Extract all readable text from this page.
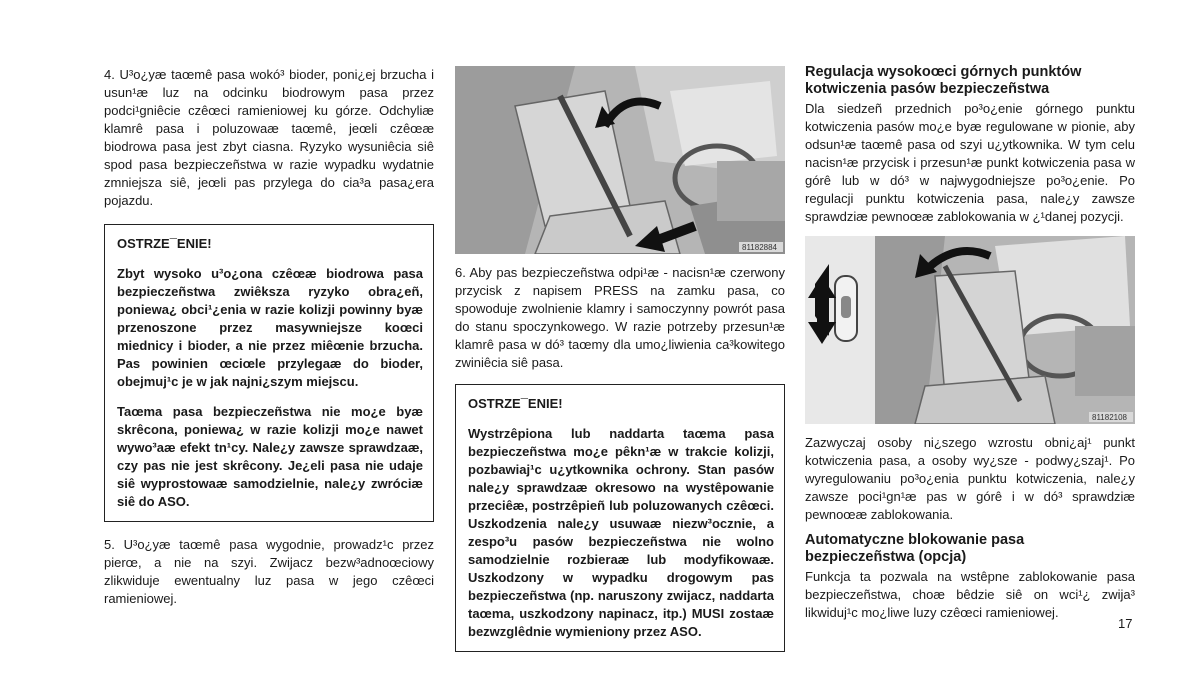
4. U³o¿yæ taœmê pasa wokó³ bioder, poni¿ej brzucha i usun¹æ luz na odcinku biodrowym pasa przez podci¹gniêcie czêœci ramieniowej ku górze. Odchyliæ klamrê pasa i poluzowaæ taœmê, jeœli czêœæ biodrowa pasa jest zbyt ciasna. Ryzyko wysuniêcia siê spod pasa bezpieczeñstwa w razie wypadku wydatnie zmniejsza siê, jeœli pas przylega do cia³a pasa¿era pojazdu.

OSTRZE¯ENIE!

Zbyt wysoko u³o¿ona czêœæ biodrowa pasa bezpieczeñstwa zwiêksza ryzyko obra¿eñ, poniewa¿ obci¹¿enia w razie kolizji powinny byæ przenoszone przez masywniejsze koœci miednicy i bioder, a nie przez miêœnie brzucha. Pas powinien œciœle przylegaæ do bioder, obejmuj¹c je w jak najni¿szym miejscu.

Taœma pasa bezpieczeñstwa nie mo¿e byæ skrêcona, poniewa¿ w razie kolizji mo¿e nawet wywo³aæ efekt tn¹cy. Nale¿y zawsze sprawdzaæ, czy pas nie jest skrêcony. Je¿eli pasa nie udaje siê wyprostowaæ samodzielnie, nale¿y zwróciæ siê do ASO.

5. U³o¿yæ taœmê pasa wygodnie, prowadz¹c przez pierœ, a nie na szyi. Zwijacz bezw³adnoœciowy zlikwiduje ewentualny luz pasa w jego czêœci ramieniowej.

81182884

6. Aby pas bezpieczeñstwa odpi¹æ - nacisn¹æ czerwony przycisk z napisem PRESS na zamku pasa, co spowoduje zwolnienie klamry i samoczynny powrót pasa do stanu spoczynkowego. W razie potrzeby przesun¹æ klamrê pasa w dó³ taœmy dla umo¿liwienia ca³kowitego zwiniêcia siê pasa.

OSTRZE¯ENIE!

Wystrzêpiona lub naddarta taœma pasa bezpieczeñstwa mo¿e pêkn¹æ w trakcie kolizji, pozbawiaj¹c u¿ytkownika ochrony. Stan pasów nale¿y sprawdzaæ okresowo na wystêpowanie przeciêæ, postrzêpieñ lub poluzowanych czêœci. Uszkodzenia nale¿y usuwaæ niezw³ocznie, a zespo³u pasów bezpieczeñstwa nie wolno samodzielnie rozbieraæ lub modyfikowaæ. Uszkodzony w wypadku drogowym pas bezpieczeñstwa (np. naruszony zwijacz, naddarta taœma, uszkodzony napinacz, itp.) MUSI zostaæ bezwzglêdnie wymieniony przez ASO.

Regulacja wysokoœci górnych punktów kotwiczenia pasów bezpieczeñstwa

Dla siedzeñ przednich po³o¿enie górnego punktu kotwiczenia pasów mo¿e byæ regulowane w pionie, aby odsun¹æ taœmê pasa od szyi u¿ytkownika. W tym celu nacisn¹æ przycisk i przesun¹æ punkt kotwiczenia pasa w górê lub w dó³ w najwygodniejsze po³o¿enie. Po regulacji punktu kotwiczenia pasa, nale¿y zawsze sprawdziæ pewnoœæ zablokowania w ¿¹danej pozycji.

81182108

Zazwyczaj osoby ni¿szego wzrostu obni¿aj¹ punkt kotwiczenia pasa, a osoby wy¿sze - podwy¿szaj¹. Po wyregulowaniu po³o¿enia punktu kotwiczenia, nale¿y zawsze poci¹gn¹æ pas w górê i w dó³ sprawdziæ pewnoœæ zablokowania.

Automatyczne blokowanie pasa bezpieczeñstwa (opcja)

Funkcja ta pozwala na wstêpne zablokowanie pasa bezpieczeñstwa, choæ bêdzie siê on wci¹¿ zwija³ likwiduj¹c mo¿liwe luzy czêœci ramieniowej.

17
